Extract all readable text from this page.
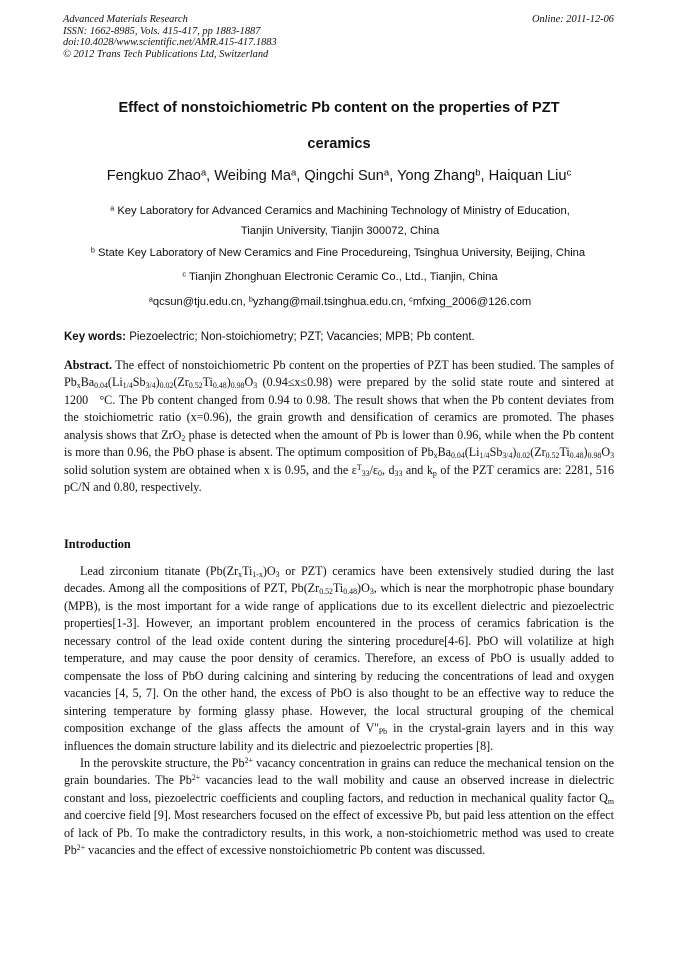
Advanced Materials Research
ISSN: 1662-8985, Vols. 415-417, pp 1883-1887
doi:10.4028/www.scientific.net/AMR.415-417.1883
© 2012 Trans Tech Publications Ltd, Switzerland
Online: 2011-12-06
Effect of nonstoichiometric Pb content on the properties of PZT
ceramics
Fengkuo Zhao$^a$, Weibing Ma$^a$, Qingchi Sun$^a$, Yong Zhang$^b$, Haiquan Liu$^c$
$^a$ Key Laboratory for Advanced Ceramics and Machining Technology of Ministry of Education,
Tianjin University, Tianjin 300072, China
$^b$ State Key Laboratory of New Ceramics and Fine Procedureing, Tsinghua University, Beijing, China
$^c$ Tianjin Zhonghuan Electronic Ceramic Co., Ltd., Tianjin, China
$^a$qcsun@tju.edu.cn, $^b$yzhang@mail.tsinghua.edu.cn, $^c$mfxing_2006@126.com
Key words: Piezoelectric; Non-stoichiometry; PZT; Vacancies; MPB; Pb content.

Abstract. The effect of nonstoichiometric Pb content on the properties of PZT has been studied. The samples of $Pb_xBa_{0.04}(Li_{1/4}Sb_{3/4})_{0.02}(Zr_{0.52}Ti_{0.48})_{0.98}O_3$ (0.94≤x≤0.98) were prepared by the solid state route and sintered at 1200   °C. The Pb content changed from 0.94 to 0.98. The result shows that when the Pb content deviates from the stoichiometric ratio (x=0.96), the grain growth and densification of ceramics are promoted. The phases analysis shows that ZrO$_2$ phase is detected when the amount of Pb is lower than 0.96, while when the Pb content is more than 0.96, the PbO phase is absent. The optimum composition of $Pb_xBa_{0.04}(Li_{1/4}Sb_{3/4})_{0.02}(Zr_{0.52}Ti_{0.48})_{0.98}O_3$ solid solution system are obtained when x is 0.95, and the $\varepsilon^T_{33}/\varepsilon_0$, $d_{33}$ and $k_p$ of the PZT ceramics are: 2281, 516 pC/N and 0.80, respectively.

Introduction

Lead zirconium titanate ($Pb(Zr_xTi_{1-x})O_3$ or PZT) ceramics have been extensively studied during the last decades. Among all the compositions of PZT, $Pb(Zr_{0.52}Ti_{0.48})O_3$, which is near the morphotropic phase boundary (MPB), is the most important for a wide range of applications due to its excellent dielectric and piezoelectric properties[1-3]. However, an important problem encountered in the process of ceramics fabrication is the necessary control of the lead oxide content during the sintering procedure[4-6]. PbO will volatilize at high temperature, and may cause the poor density of ceramics. Therefore, an excess of PbO is usually added to compensate the loss of PbO during calcining and sintering by reducing the concentrations of lead and oxygen vacancies [4, 5, 7]. On the other hand, the excess of PbO is also thought to be an effective way to reduce the sintering temperature by forming glassy phase. However, the local structural grouping of the chemical composition exchange of the glass affects the amount of $V''_{Pb}$ in the crystal-grain layers and in this way influences the domain structure lability and its dielectric and piezoelectric properties [8].

In the perovskite structure, the $Pb^{2+}$ vacancy concentration in grains can reduce the mechanical tension on the grain boundaries. The $Pb^{2+}$ vacancies lead to the wall mobility and cause an observed increase in dielectric constant and loss, piezoelectric coefficients and coupling factors, and reduction in mechanical quality factor $Q_m$ and coercive field [9]. Most researchers focused on the effect of excessive Pb, but paid less attention on the effect of lack of Pb. To make the contradictory results, in this work, a non-stoichiometric method was used to create $Pb^{2+}$ vacancies and the effect of excessive nonstoichiometric Pb content was discussed.
